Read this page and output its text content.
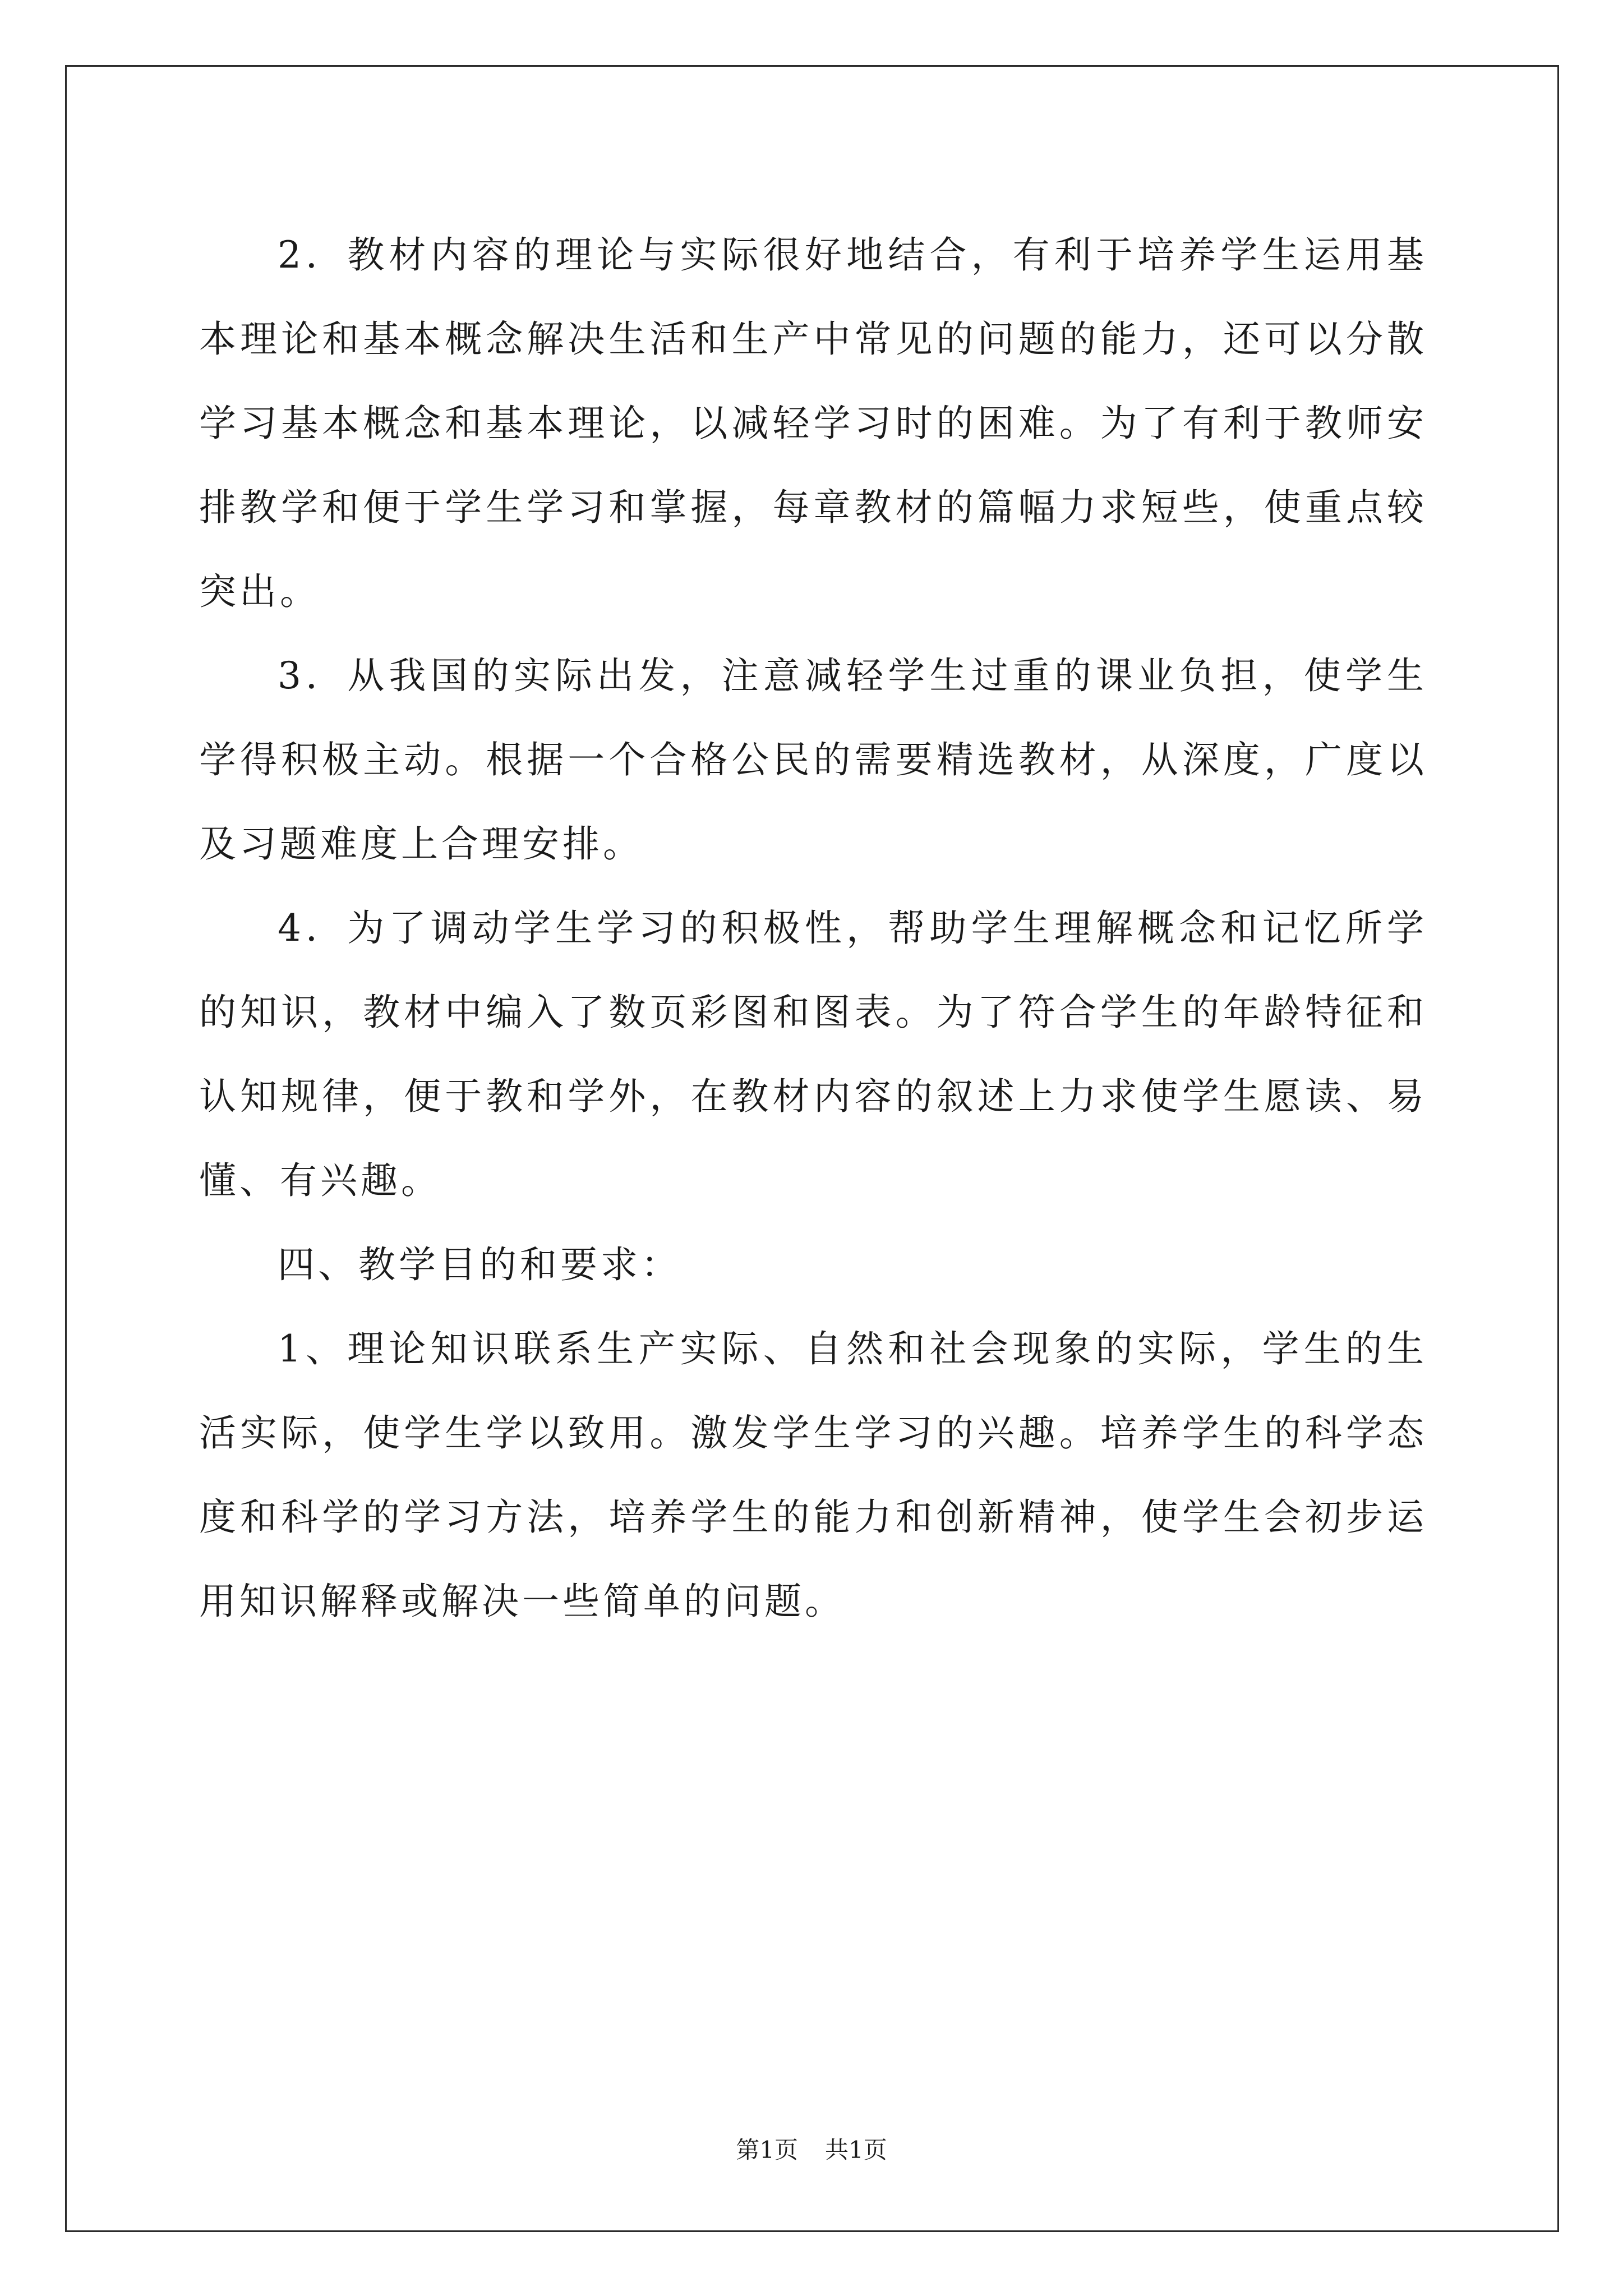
2．教材内容的理论与实际很好地结合，有利于培养学生运用基本理论和基本概念解决生活和生产中常见的问题的能力，还可以分散学习基本概念和基本理论，以减轻学习时的困难。为了有利于教师安排教学和便于学生学习和掌握，每章教材的篇幅力求短些，使重点较突出。

3．从我国的实际出发，注意减轻学生过重的课业负担，使学生学得积极主动。根据一个合格公民的需要精选教材，从深度，广度以及习题难度上合理安排。

4．为了调动学生学习的积极性，帮助学生理解概念和记忆所学的知识，教材中编入了数页彩图和图表。为了符合学生的年龄特征和认知规律，便于教和学外，在教材内容的叙述上力求使学生愿读、易懂、有兴趣。

四、教学目的和要求：

1、理论知识联系生产实际、自然和社会现象的实际，学生的生活实际，使学生学以致用。激发学生学习的兴趣。培养学生的科学态度和科学的学习方法，培养学生的能力和创新精神，使学生会初步运用知识解释或解决一些简单的问题。

第1页 共1页
